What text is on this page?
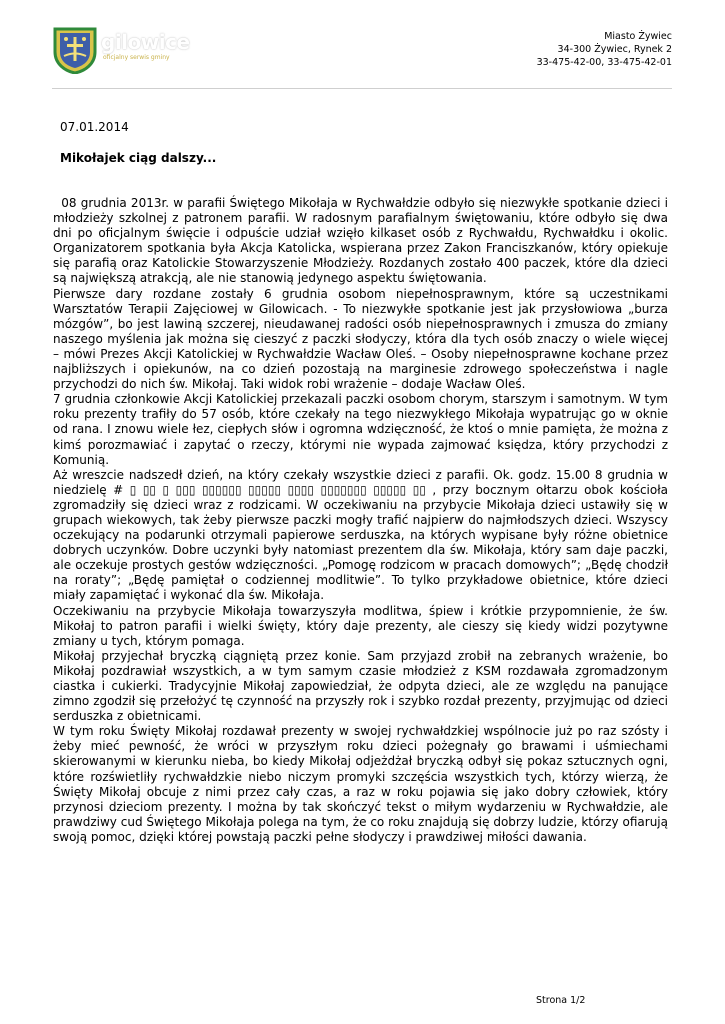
gilowice
oficjalny serwis gminy
Miasto Żywiec
34-300 Żywiec, Rynek 2
33-475-42-00, 33-475-42-01
07.01.2014
Mikołajek ciąg dalszy...

08 grudnia 2013r. w parafii Świętego Mikołaja w Rychwałdzie odbyło się niezwykłe spotkanie dzieci i młodzieży szkolnej z patronem parafii. W radosnym parafialnym świętowaniu, które odbyło się dwa dni po oficjalnym święcie i odpuście udział wzięło kilkaset osób z Rychwałdu, Rychwałdku i okolic. Organizatorem spotkania była Akcja Katolicka, wspierana przez Zakon Franciszkanów, który opiekuje się parafią oraz Katolickie Stowarzyszenie Młodzieży. Rozdanych zostało 400 paczek, które dla dzieci są największą atrakcją, ale nie stanowią jedynego aspektu świętowania.

Pierwsze dary rozdane zostały 6 grudnia osobom niepełnosprawnym, które są uczestnikami Warsztatów Terapii Zajęciowej w Gilowicach. - To niezwykłe spotkanie jest jak przysłowiowa „burza mózgów”, bo jest lawiną szczerej, nieudawanej radości osób niepełnosprawnych i zmusza do zmiany naszego myślenia jak można się cieszyć z paczki słodyczy, która dla tych osób znaczy o wiele więcej – mówi Prezes Akcji Katolickiej w Rychwałdzie Wacław Oleś. – Osoby niepełnosprawne kochane przez najbliższych i opiekunów, na co dzień pozostają na marginesie zdrowego społeczeństwa i nagle przychodzi do nich św. Mikołaj. Taki widok robi wrażenie – dodaje Wacław Oleś.

7 grudnia członkowie Akcji Katolickiej przekazali paczki osobom chorym, starszym i samotnym. W tym roku prezenty trafiły do 57 osób, które czekały na tego niezwykłego Mikołaja wypatrując go w oknie od rana. I znowu wiele łez, ciepłych słów i ogromna wdzięczność, że ktoś o mnie pamięta, że można z kimś porozmawiać i zapytać o rzeczy, którymi nie wypada zajmować księdza, który przychodzi z Komunią.

Aż wreszcie nadszedł dzień, na który czekały wszystkie dzieci z parafii. Ok. godz. 15.00 8 grudnia w niedzielę # ▯ ▯▯ ▯ ▯▯▯ ▯▯▯▯▯▯ ▯▯▯▯▯ ▯▯▯▯ ▯▯▯▯▯▯▯ ▯▯▯▯▯ ▯▯ , przy bocznym ołtarzu obok kościoła zgromadziły się dzieci wraz z rodzicami. W oczekiwaniu na przybycie Mikołaja dzieci ustawiły się w grupach wiekowych, tak żeby pierwsze paczki mogły trafić najpierw do najmłodszych dzieci. Wszyscy oczekujący na podarunki otrzymali papierowe serduszka, na których wypisane były różne obietnice dobrych uczynków. Dobre uczynki były natomiast prezentem dla św. Mikołaja, który sam daje paczki, ale oczekuje prostych gestów wdzięczności. „Pomogę rodzicom w pracach domowych”; „Będę chodził na roraty”; „Będę pamiętał o codziennej modlitwie”. To tylko przykładowe obietnice, które dzieci miały zapamiętać i wykonać dla św. Mikołaja.

Oczekiwaniu na przybycie Mikołaja towarzyszyła modlitwa, śpiew i krótkie przypomnienie, że św. Mikołaj to patron parafii i wielki święty, który daje prezenty, ale cieszy się kiedy widzi pozytywne zmiany u tych, którym pomaga.

Mikołaj przyjechał bryczką ciągniętą przez konie. Sam przyjazd zrobił na zebranych wrażenie, bo Mikołaj pozdrawiał wszystkich, a w tym samym czasie młodzież z KSM rozdawała zgromadzonym ciastka i cukierki. Tradycyjnie Mikołaj zapowiedział, że odpyta dzieci, ale ze względu na panujące zimno zgodził się przełożyć tę czynność na przyszły rok i szybko rozdał prezenty, przyjmując od dzieci serduszka z obietnicami.

W tym roku Święty Mikołaj rozdawał prezenty w swojej rychwałdzkiej wspólnocie już po raz szósty i żeby mieć pewność, że wróci w przyszłym roku dzieci pożegnały go brawami i uśmiechami skierowanymi w kierunku nieba, bo kiedy Mikołaj odjeżdżał bryczką odbył się pokaz sztucznych ogni, które rozświetliły rychwałdzkie niebo niczym promyki szczęścia wszystkich tych, którzy wierzą, że Święty Mikołaj obcuje z nimi przez cały czas, a raz w roku pojawia się jako dobry człowiek, który przynosi dzieciom prezenty. I można by tak skończyć tekst o miłym wydarzeniu w Rychwałdzie, ale prawdziwy cud Świętego Mikołaja polega na tym, że co roku znajdują się dobrzy ludzie, którzy ofiarują swoją pomoc, dzięki której powstają paczki pełne słodyczy i prawdziwej miłości dawania.

Strona 1/2
